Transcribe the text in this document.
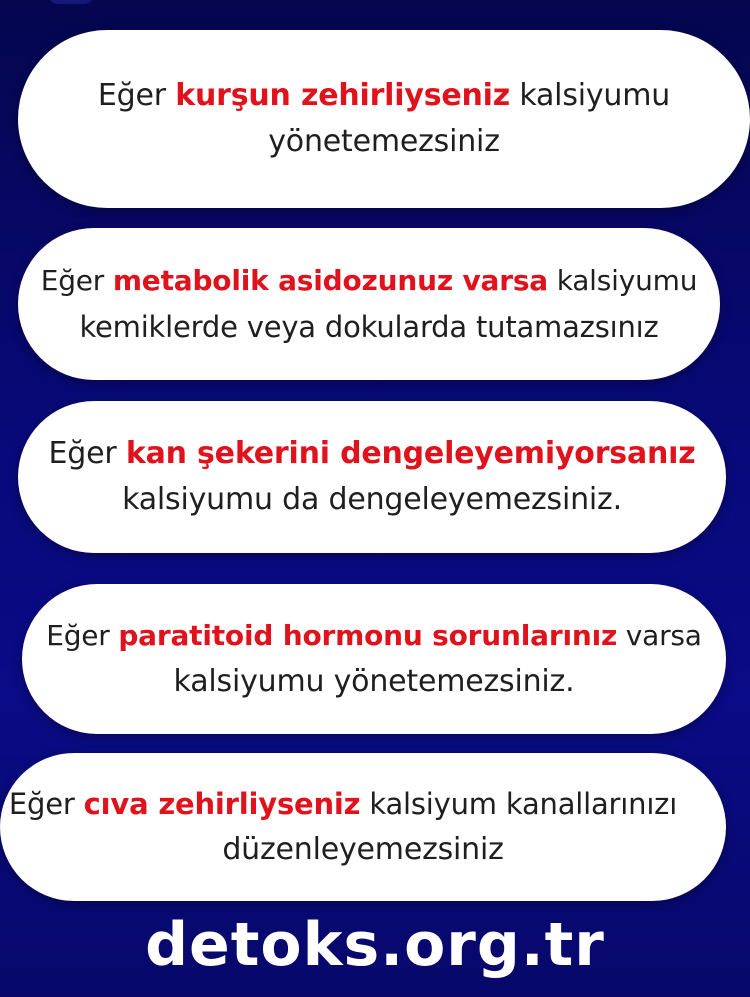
Eğer kurşun zehirliyseniz kalsiyumu
yönetemezsiniz
Eğer metabolik asidozunuz varsa kalsiyumu
kemiklerde veya dokularda tutamazsınız
Eğer kan şekerini dengeleyemiyorsanız
kalsiyumu da dengeleyemezsiniz.
Eğer paratitoid hormonu sorunlarınız varsa
kalsiyumu yönetemezsiniz.
Eğer cıva zehirliyseniz kalsiyum kanallarınızı
düzenleyemezsiniz
detoks.org.tr
